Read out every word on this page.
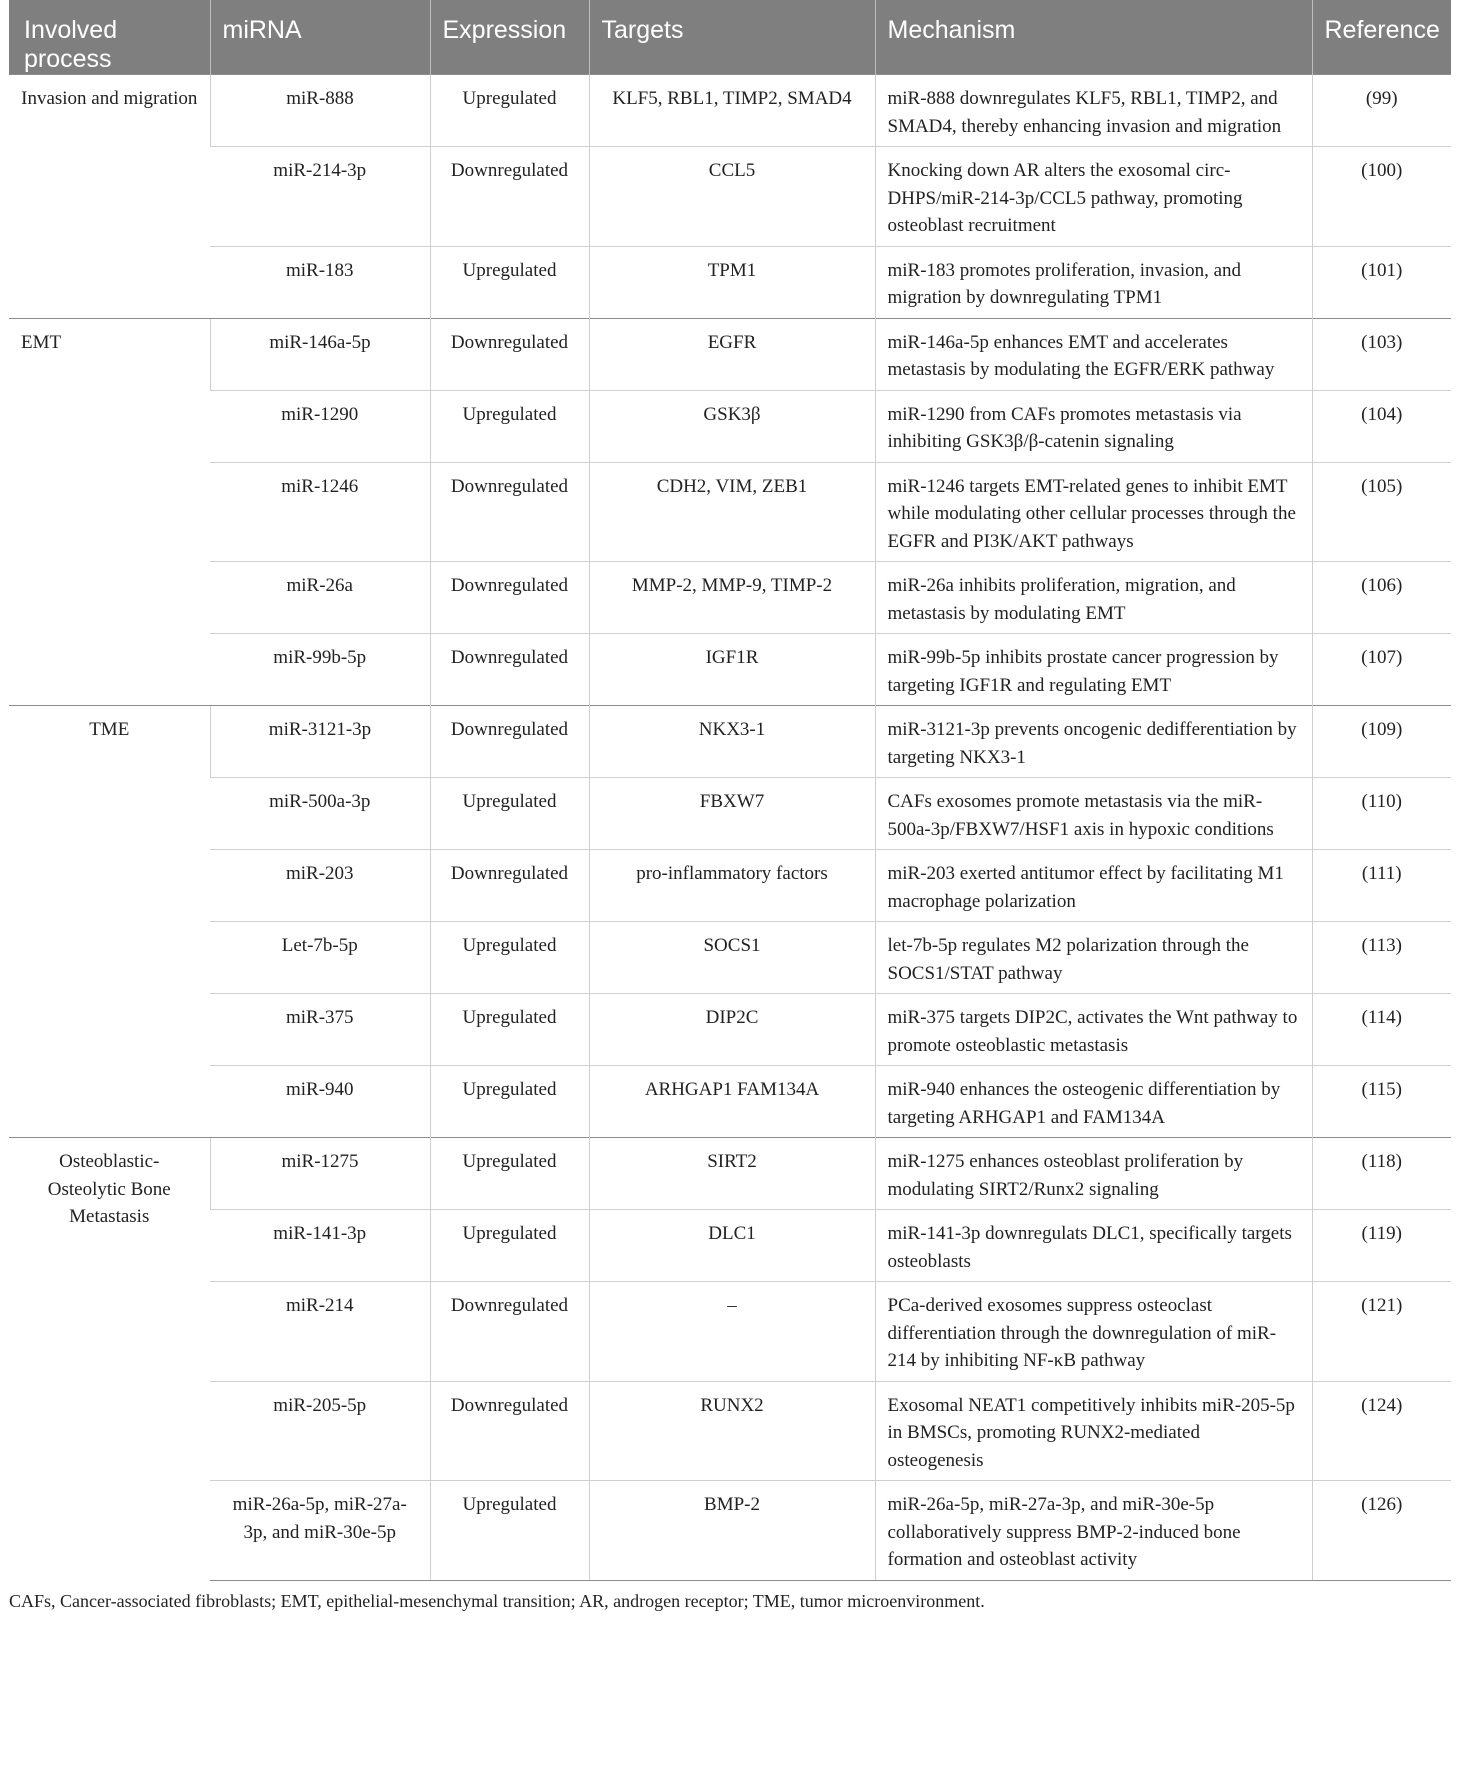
Involved process	miRNA	Expression	Targets	Mechanism	Reference
Invasion and migration	miR-888	Upregulated	KLF5, RBL1, TIMP2, SMAD4	miR-888 downregulates KLF5, RBL1, TIMP2, and SMAD4, thereby enhancing invasion and migration	(99)
	miR-214-3p	Downregulated	CCL5	Knocking down AR alters the exosomal circ-DHPS/miR-214-3p/CCL5 pathway, promoting osteoblast recruitment	(100)
	miR-183	Upregulated	TPM1	miR-183 promotes proliferation, invasion, and migration by downregulating TPM1	(101)
EMT	miR-146a-5p	Downregulated	EGFR	miR-146a-5p enhances EMT and accelerates metastasis by modulating the EGFR/ERK pathway	(103)
	miR-1290	Upregulated	GSK3β	miR-1290 from CAFs promotes metastasis via inhibiting GSK3β/β-catenin signaling	(104)
	miR-1246	Downregulated	CDH2, VIM, ZEB1	miR-1246 targets EMT-related genes to inhibit EMT while modulating other cellular processes through the EGFR and PI3K/AKT pathways	(105)
	miR-26a	Downregulated	MMP-2, MMP-9, TIMP-2	miR-26a inhibits proliferation, migration, and metastasis by modulating EMT	(106)
	miR-99b-5p	Downregulated	IGF1R	miR-99b-5p inhibits prostate cancer progression by targeting IGF1R and regulating EMT	(107)
TME	miR-3121-3p	Downregulated	NKX3-1	miR-3121-3p prevents oncogenic dedifferentiation by targeting NKX3-1	(109)
	miR-500a-3p	Upregulated	FBXW7	CAFs exosomes promote metastasis via the miR-500a-3p/FBXW7/HSF1 axis in hypoxic conditions	(110)
	miR-203	Downregulated	pro-inflammatory factors	miR-203 exerted antitumor effect by facilitating M1 macrophage polarization	(111)
	Let-7b-5p	Upregulated	SOCS1	let-7b-5p regulates M2 polarization through the SOCS1/STAT pathway	(113)
	miR-375	Upregulated	DIP2C	miR-375 targets DIP2C, activates the Wnt pathway to promote osteoblastic metastasis	(114)
	miR-940	Upregulated	ARHGAP1 FAM134A	miR-940 enhances the osteogenic differentiation by targeting ARHGAP1 and FAM134A	(115)
Osteoblastic-Osteolytic Bone Metastasis	miR-1275	Upregulated	SIRT2	miR-1275 enhances osteoblast proliferation by modulating SIRT2/Runx2 signaling	(118)
	miR-141-3p	Upregulated	DLC1	miR-141-3p downregulats DLC1, specifically targets osteoblasts	(119)
	miR-214	Downregulated	–	PCa-derived exosomes suppress osteoclast differentiation through the downregulation of miR-214 by inhibiting NF-κB pathway	(121)
	miR-205-5p	Downregulated	RUNX2	Exosomal NEAT1 competitively inhibits miR-205-5p in BMSCs, promoting RUNX2-mediated osteogenesis	(124)
	miR-26a-5p, miR-27a-3p, and miR-30e-5p	Upregulated	BMP-2	miR-26a-5p, miR-27a-3p, and miR-30e-5p collaboratively suppress BMP-2-induced bone formation and osteoblast activity	(126)
CAFs, Cancer-associated fibroblasts; EMT, epithelial-mesenchymal transition; AR, androgen receptor; TME, tumor microenvironment.
